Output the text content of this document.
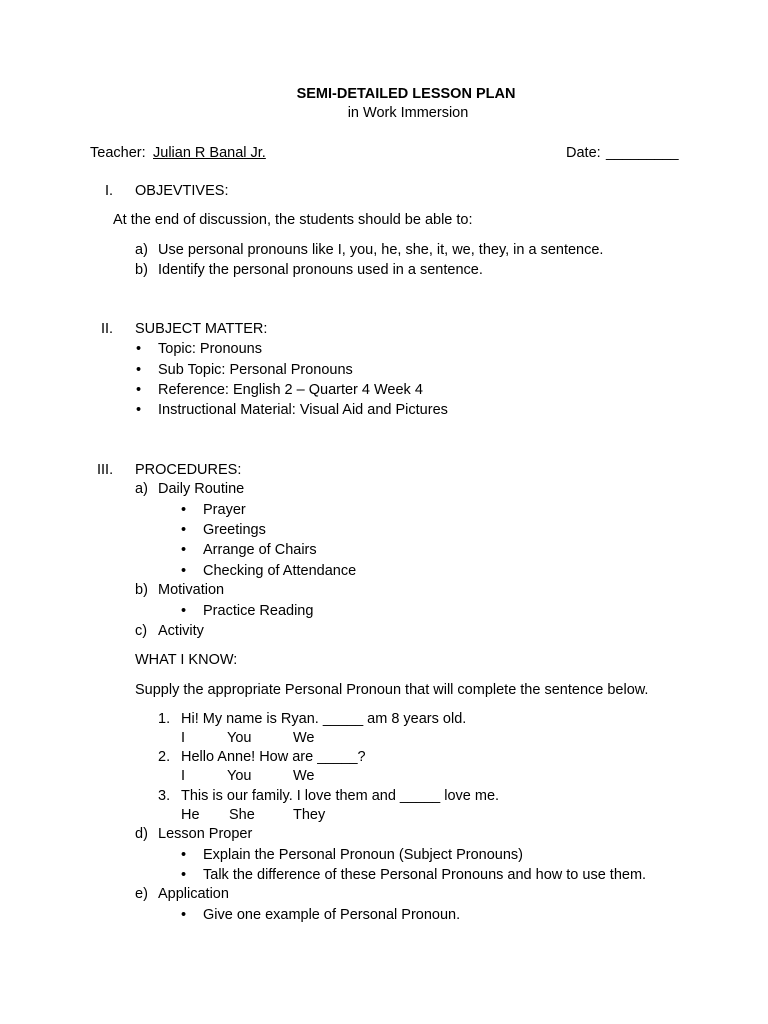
SEMI-DETAILED LESSON PLAN
in Work Immersion
Teacher: Julian R Banal Jr.	Date: _________
I. OBJEVTIVES:
At the end of discussion, the students should be able to:
a) Use personal pronouns like I, you, he, she, it, we, they, in a sentence.
b) Identify the personal pronouns used in a sentence.
II. SUBJECT MATTER:
• Topic: Pronouns
• Sub Topic: Personal Pronouns
• Reference: English 2 – Quarter 4 Week 4
• Instructional Material: Visual Aid and Pictures
III. PROCEDURES:
a) Daily Routine
• Prayer
• Greetings
• Arrange of Chairs
• Checking of Attendance
b) Motivation
• Practice Reading
c) Activity
WHAT I KNOW:
Supply the appropriate Personal Pronoun that will complete the sentence below.
1. Hi! My name is Ryan. _____ am 8 years old.
I	You	We
2. Hello Anne! How are _____?
I	You	We
3. This is our family. I love them and _____ love me.
He She	They
d) Lesson Proper
• Explain the Personal Pronoun (Subject Pronouns)
• Talk the difference of these Personal Pronouns and how to use them.
e) Application
• Give one example of Personal Pronoun.
